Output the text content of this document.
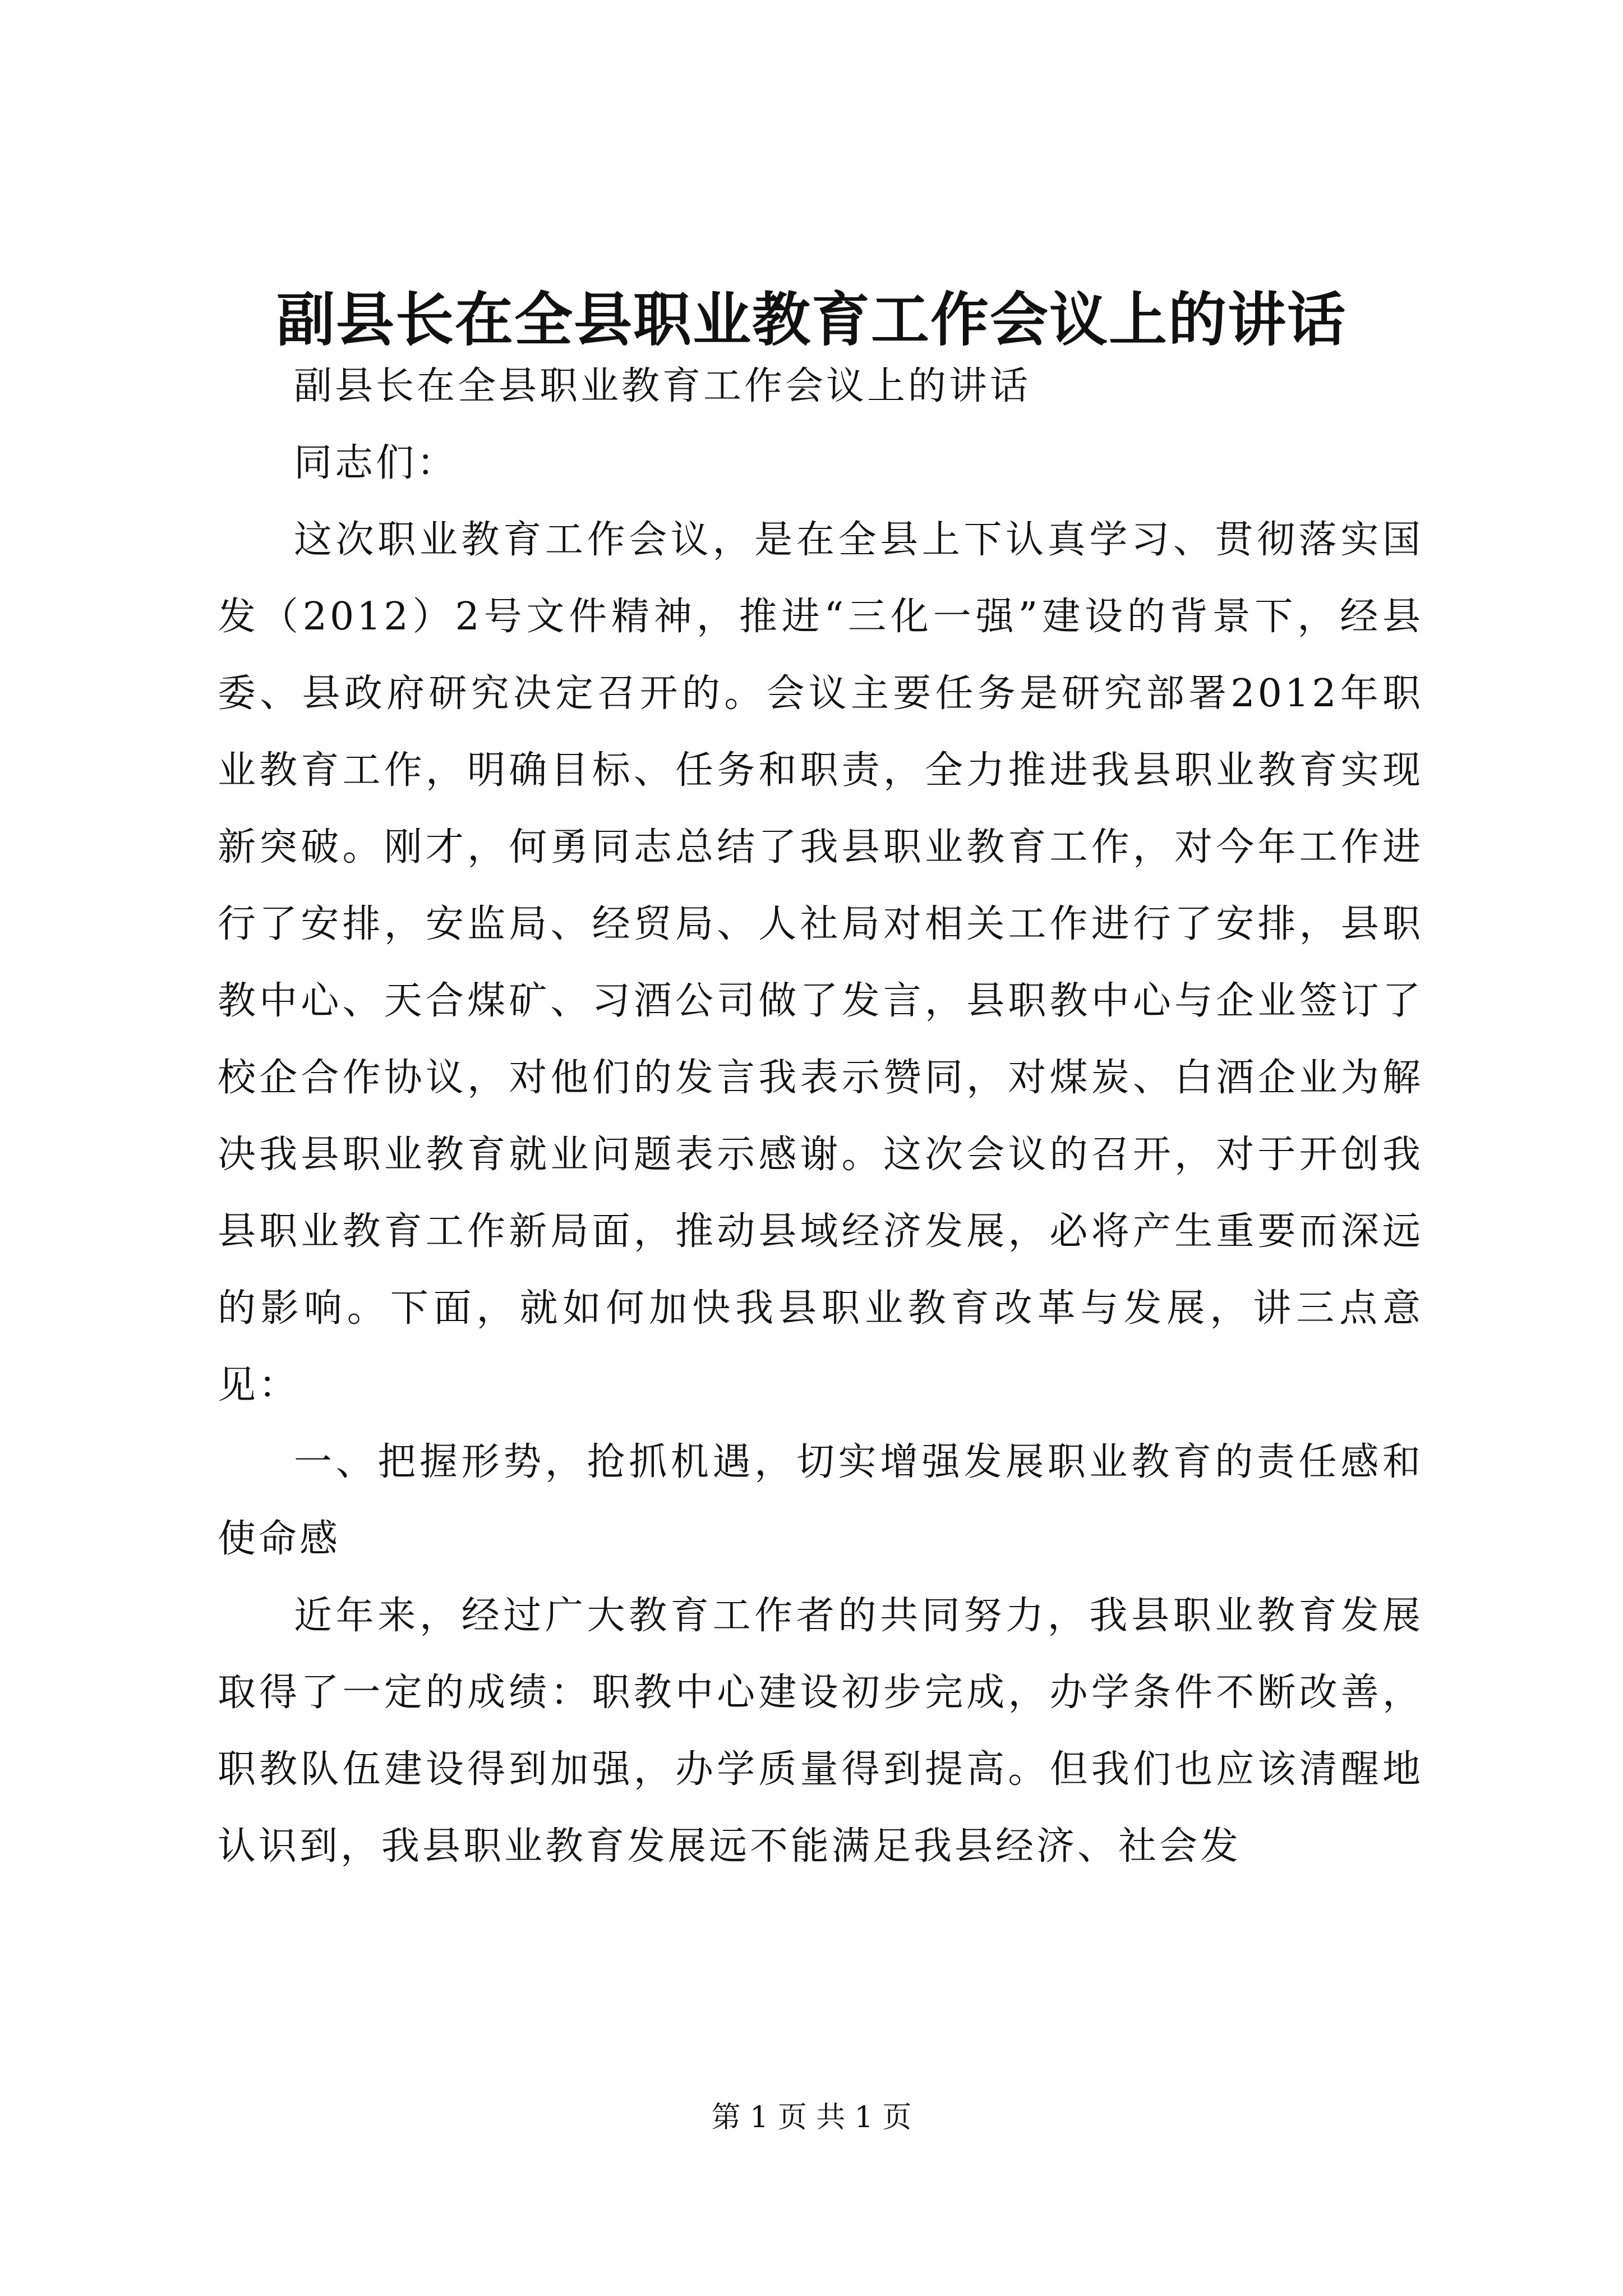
副县长在全县职业教育工作会议上的讲话

副县长在全县职业教育工作会议上的讲话

同志们：

这次职业教育工作会议，是在全县上下认真学习、贯彻落实国发（2012）2号文件精神，推进“三化一强”建设的背景下，经县委、县政府研究决定召开的。会议主要任务是研究部署2012年职业教育工作，明确目标、任务和职责，全力推进我县职业教育实现新突破。刚才，何勇同志总结了我县职业教育工作，对今年工作进行了安排，安监局、经贸局、人社局对相关工作进行了安排，县职教中心、天合煤矿、习酒公司做了发言，县职教中心与企业签订了校企合作协议，对他们的发言我表示赞同，对煤炭、白酒企业为解决我县职业教育就业问题表示感谢。这次会议的召开，对于开创我县职业教育工作新局面，推动县域经济发展，必将产生重要而深远的影响。下面，就如何加快我县职业教育改革与发展，讲三点意见：

一、把握形势，抢抓机遇，切实增强发展职业教育的责任感和使命感

近年来，经过广大教育工作者的共同努力，我县职业教育发展取得了一定的成绩：职教中心建设初步完成，办学条件不断改善，职教队伍建设得到加强，办学质量得到提高。但我们也应该清醒地认识到，我县职业教育发展远不能满足我县经济、社会发

第 1 页 共 1 页
